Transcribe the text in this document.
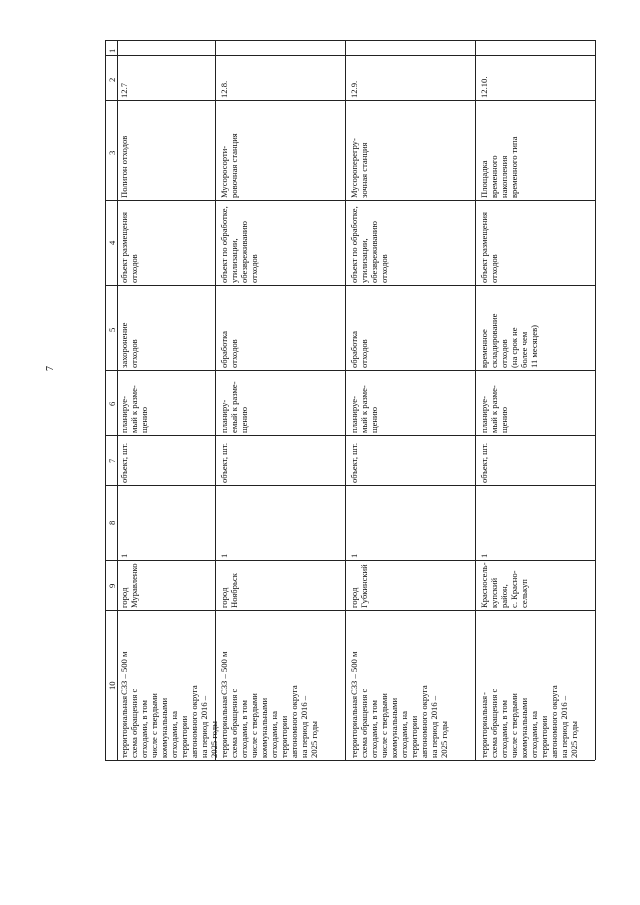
7
1
2
3
4
5
6
7
8
9
10
12.7
Полигон отходов
объект размещения
отходов
захоронение
отходов
планируе-
мый к разме-
щению
объект, шт.
1
город
Муравленко
СЗЗ – 500 м
территориальная
схема обращения с
отходами, в том
числе с твердыми
коммунальными
отходами, на
территории
автономного округа
на период 2016 –
2025 годы
12.8.
Мусоросорти-
ровочная станция
объект по обработке,
утилизации,
обезвреживанию
отходов
обработка
отходов
планиру-
емый к разме-
щению
объект, шт.
1
город
Ноябрьск
СЗЗ – 500 м
территориальная
схема обращения с
отходами, в том
числе с твердыми
коммунальными
отходами, на
территории
автономного округа
на период 2016 –
2025 годы
12.9.
Мусороперегру-
зочная станция
объект по обработке,
утилизации,
обезвреживанию
отходов
обработка
отходов
планируе-
мый к разме-
щению
объект, шт.
1
город
Губкинский
СЗЗ – 500 м
территориальная
схема обращения с
отходами, в том
числе с твердыми
коммунальными
отходами, на
территории
автономного округа
на период 2016 –
2025 годы
12.10.
Площадка
временного
накопления
временного типа
объект размещения
отходов
временное
складирование
отходов
(на срок не
более чем
11 месяцев)
планируе-
мый к разме-
щению
объект, шт.
1
Красносель-
купский
район,
с. Красно-
селькуп
-
территориальная
схема обращения с
отходами, в том
числе с твердыми
коммунальными
отходами, на
территории
автономного округа
на период 2016 –
2025 годы
